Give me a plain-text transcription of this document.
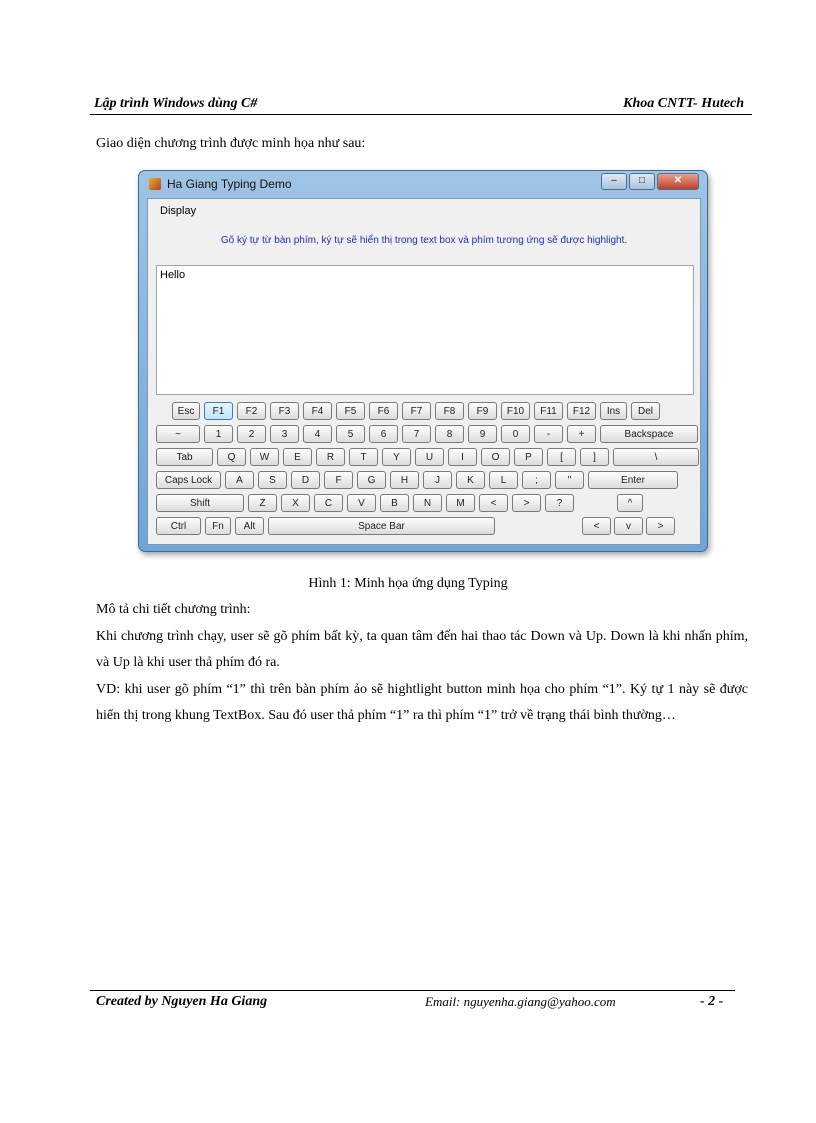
Lập trình Windows dùng C#	Khoa CNTT- Hutech
Giao diện chương trình được minh họa như sau:
Ha Giang Typing Demo	–	□	✕
Display
Gõ ký tự từ bàn phím, ký tự sẽ hiển thị trong text box và phím tương ứng sẽ được highlight.
Hello
Esc	F1	F2	F3	F4	F5	F6	F7	F8	F9	F10	F11	F12	Ins	Del
~	1	2	3	4	5	6	7	8	9	0	-	+	Backspace
Tab	Q	W	E	R	T	Y	U	I	O	P	[	]	\
Caps Lock	A	S	D	F	G	H	J	K	L	;	"	Enter
Shift	Z	X	C	V	B	N	M	<	>	?	^
Ctrl	Fn	Alt	Space Bar	<	v	>
Hình 1: Minh họa ứng dụng Typing

Mô tả chi tiết chương trình:

Khi chương trình chạy, user sẽ gõ phím bất kỳ, ta quan tâm đến hai thao tác Down và Up. Down là khi nhấn phím, và Up là khi user thả phím đó ra.

VD: khi user gõ phím “1” thì trên bàn phím ảo sẽ hightlight button minh họa cho phím “1”. Ký tự 1 này sẽ được hiển thị trong khung TextBox. Sau đó user thả phím “1” ra thì phím “1” trở về trạng thái bình thường…

Created by Nguyen Ha Giang	Email: nguyenha.giang@yahoo.com	- 2 -
